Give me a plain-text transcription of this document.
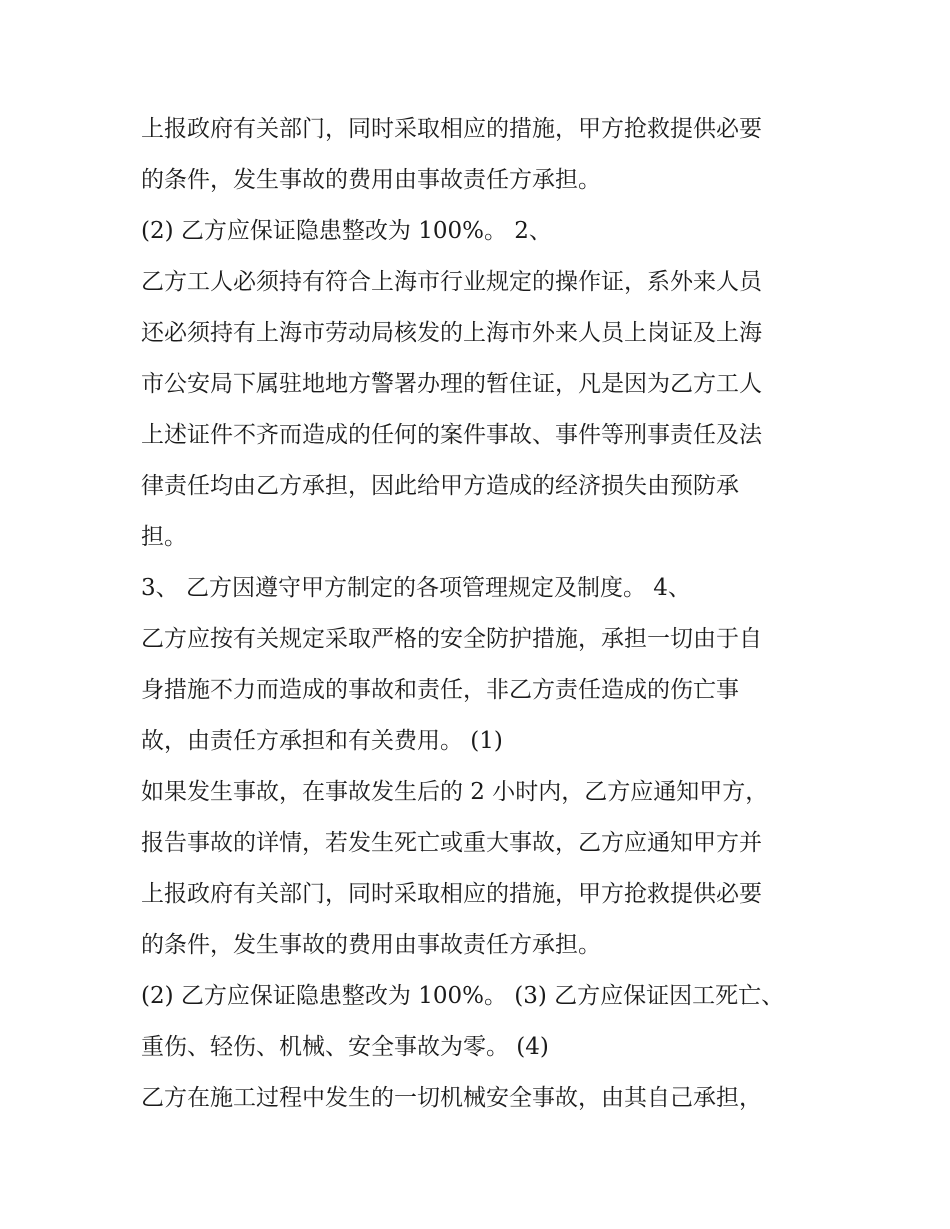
上报政府有关部门，同时采取相应的措施，甲方抢救提供必要
的条件，发生事故的费用由事故责任方承担。
(2) 乙方应保证隐患整改为 100%。 2、
乙方工人必须持有符合上海市行业规定的操作证，系外来人员
还必须持有上海市劳动局核发的上海市外来人员上岗证及上海
市公安局下属驻地地方警署办理的暂住证，凡是因为乙方工人
上述证件不齐而造成的任何的案件事故、事件等刑事责任及法
律责任均由乙方承担，因此给甲方造成的经济损失由预防承
担。
3、 乙方因遵守甲方制定的各项管理规定及制度。 4、
乙方应按有关规定采取严格的安全防护措施，承担一切由于自
身措施不力而造成的事故和责任，非乙方责任造成的伤亡事
故，由责任方承担和有关费用。 (1)
如果发生事故，在事故发生后的 2 小时内，乙方应通知甲方，
报告事故的详情，若发生死亡或重大事故，乙方应通知甲方并
上报政府有关部门，同时采取相应的措施，甲方抢救提供必要
的条件，发生事故的费用由事故责任方承担。
(2) 乙方应保证隐患整改为 100%。 (3) 乙方应保证因工死亡、
重伤、轻伤、机械、安全事故为零。 (4)
乙方在施工过程中发生的一切机械安全事故，由其自己承担，
